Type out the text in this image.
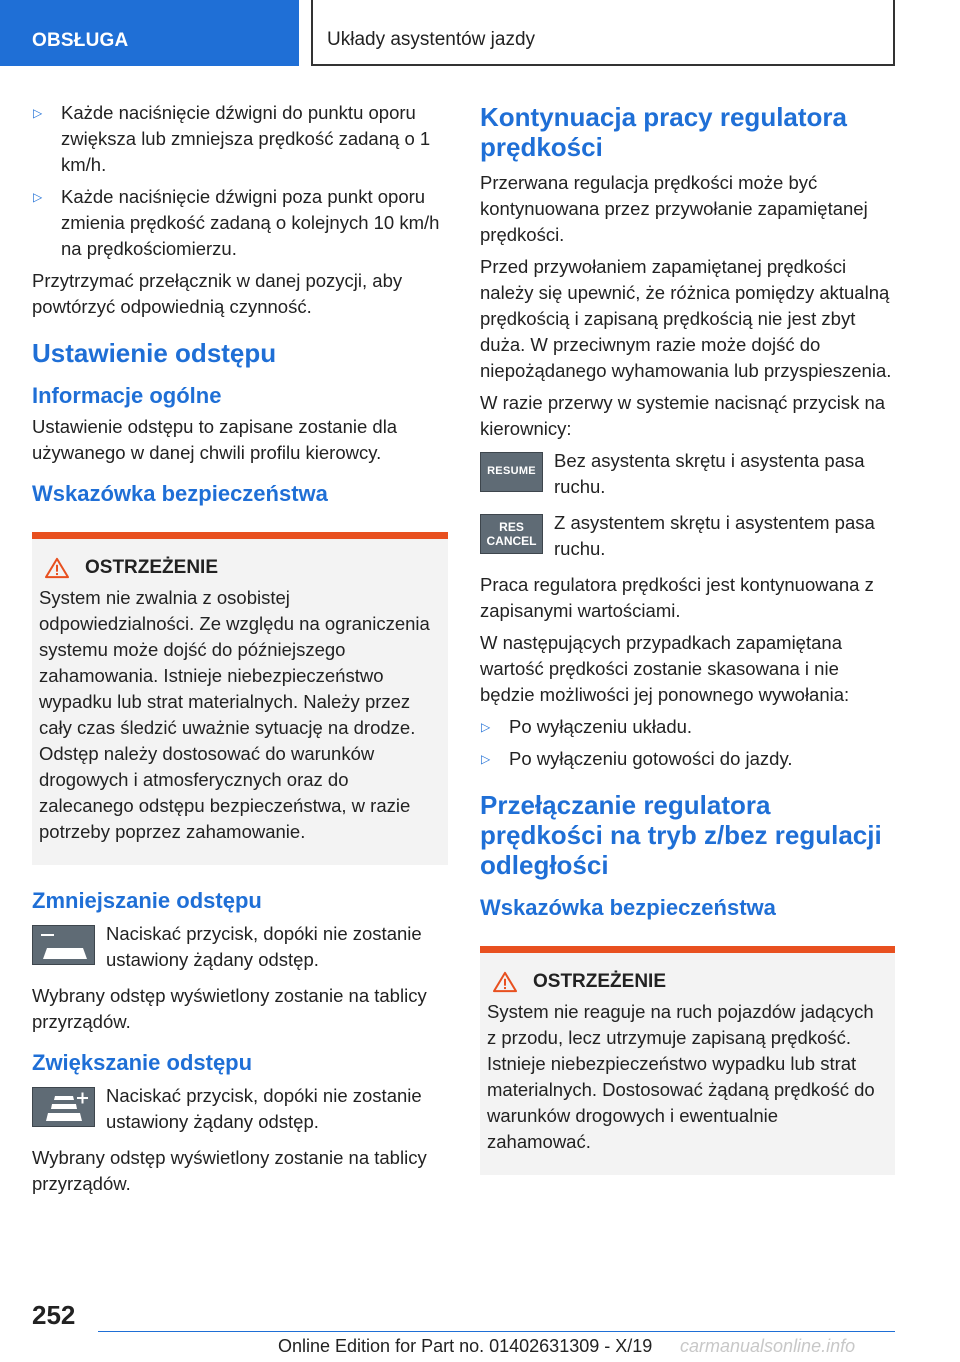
OBSŁUGA	Układy asystentów jazdy
▷	Każde naciśnięcie dźwigni do punktu oporu zwiększa lub zmniejsza prędkość zadaną o 1 km/h.
▷	Każde naciśnięcie dźwigni poza punkt oporu zmienia prędkość zadaną o kolejnych 10 km/h na prędkościomierzu.

Przytrzymać przełącznik w danej pozycji, aby powtórzyć odpowiednią czynność.

Ustawienie odstępu
Informacje ogólne

Ustawienie odstępu to zapisane zostanie dla używanego w danej chwili profilu kierowcy.

Wskazówka bezpieczeństwa
OSTRZEŻENIE

System nie zwalnia z osobistej odpowiedzialności. Ze względu na ograniczenia systemu może dojść do późniejszego zahamowania. Istnieje niebezpieczeństwo wypadku lub strat materialnych. Należy przez cały czas śledzić uważnie sytuację na drodze. Odstęp należy dostosować do warunków drogowych i atmosferycznych oraz do zalecanego odstępu bezpieczeństwa, w razie potrzeby poprzez zahamowanie.

Zmniejszanie odstępu
Naciskać przycisk, dopóki nie zostanie ustawiony żądany odstęp.

Wybrany odstęp wyświetlony zostanie na tablicy przyrządów.

Zwiększanie odstępu
Naciskać przycisk, dopóki nie zostanie ustawiony żądany odstęp.

Wybrany odstęp wyświetlony zostanie na tablicy przyrządów.

Kontynuacja pracy regulatora prędkości

Przerwana regulacja prędkości może być kontynuowana przez przywołanie zapamiętanej prędkości.

Przed przywołaniem zapamiętanej prędkości należy się upewnić, że różnica pomiędzy aktualną prędkością i zapisaną prędkością nie jest zbyt duża. W przeciwnym razie może dojść do niepożądanego wyhamowania lub przyspieszenia.

W razie przerwy w systemie nacisnąć przycisk na kierownicy:

RESUME Bez asystenta skrętu i asystenta pasa ruchu.
RES
CANCEL
Z asystentem skrętu i asystentem pasa ruchu.

Praca regulatora prędkości jest kontynuowana z zapisanymi wartościami.

W następujących przypadkach zapamiętana wartość prędkości zostanie skasowana i nie będzie możliwości jej ponownego wywołania:

▷	Po wyłączeniu układu.
▷	Po wyłączeniu gotowości do jazdy.
Przełączanie regulatora prędkości na tryb z/bez regulacji odległości
Wskazówka bezpieczeństwa
OSTRZEŻENIE

System nie reaguje na ruch pojazdów jadących z przodu, lecz utrzymuje zapisaną prędkość. Istnieje niebezpieczeństwo wypadku lub strat materialnych. Dostosować żądaną prędkość do warunków drogowych i ewentualnie zahamować.

252
Online Edition for Part no. 01402631309 - X/19 carmanualsonline.info
